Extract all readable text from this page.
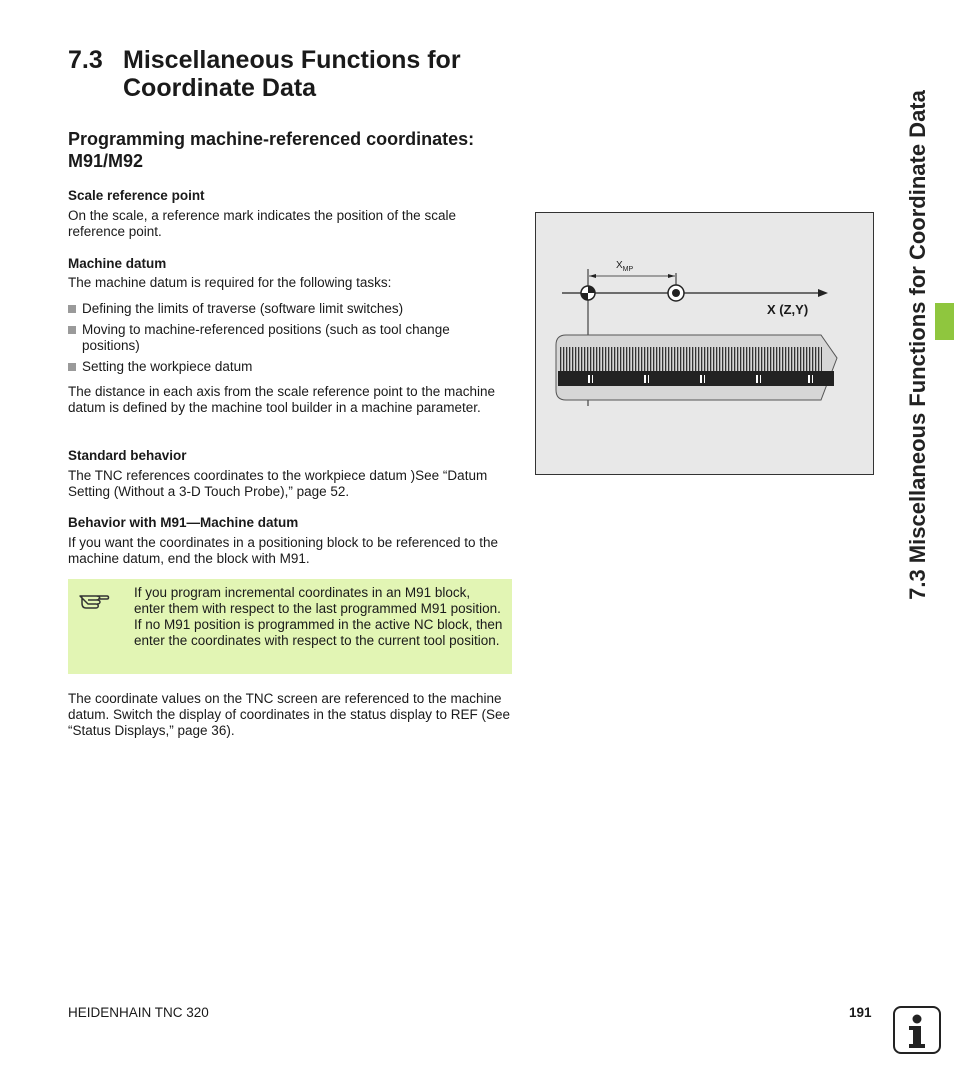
7.3 Miscellaneous Functions for Coordinate Data
Programming machine-referenced coordinates: M91/M92
Scale reference point

On the scale, a reference mark indicates the position of the scale reference point.

Machine datum

The machine datum is required for the following tasks:

Defining the limits of traverse (software limit switches)
Moving to machine-referenced positions (such as tool change positions)
Setting the workpiece datum

The distance in each axis from the scale reference point to the machine datum is defined by the machine tool builder in a machine parameter.

Standard behavior

The TNC references coordinates to the workpiece datum )See “Datum Setting (Without a 3-D Touch Probe),” page 52.

Behavior with M91—Machine datum

If you want the coordinates in a positioning block to be referenced to the machine datum, end the block with M91.

If you program incremental coordinates in an M91 block, enter them with respect to the last programmed M91 position. If no M91 position is programmed in the active NC block, then enter the coordinates with respect to the current tool position.

The coordinate values on the TNC screen are referenced to the machine datum. Switch the display of coordinates in the status display to REF (See “Status Displays,” page 36).

$X_{MP}$
X (Z,Y)	7.3 Miscellaneous Functions for Coordinate Data
HEIDENHAIN TNC 320	191
